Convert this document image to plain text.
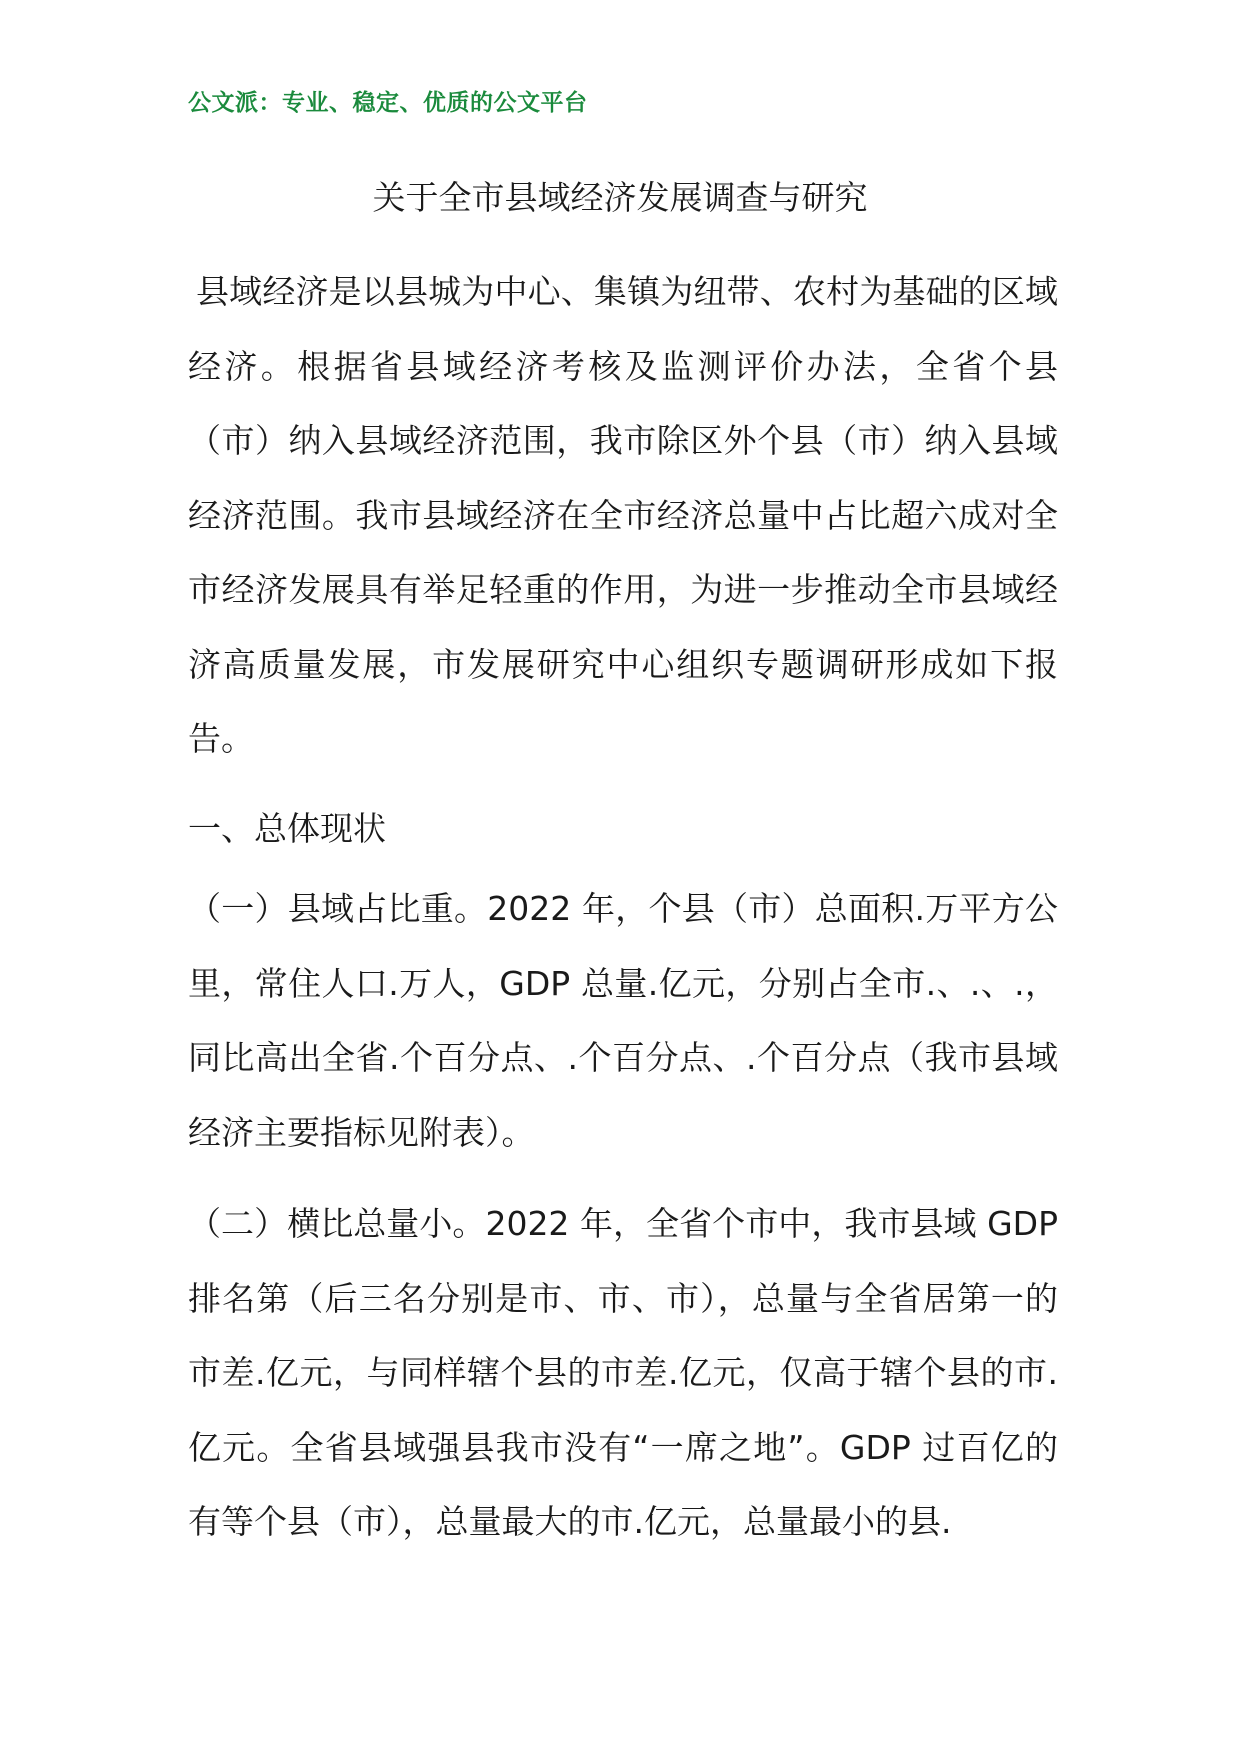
公文派：专业、稳定、优质的公文平台
关于全市县域经济发展调查与研究

县域经济是以县城为中心、集镇为纽带、农村为基础的区域经济。根据省县域经济考核及监测评价办法，全省个县（市）纳入县域经济范围，我市除区外个县（市）纳入县域经济范围。我市县域经济在全市经济总量中占比超六成对全市经济发展具有举足轻重的作用，为进一步推动全市县域经济高质量发展，市发展研究中心组织专题调研形成如下报告。

一、总体现状

（一）县域占比重。2022 年，个县（市）总面积.万平方公里，常住人口.万人，GDP 总量.亿元，分别占全市.、.、.，同比高出全省.个百分点、.个百分点、.个百分点（我市县域经济主要指标见附表）。

（二）横比总量小。2022 年，全省个市中，我市县域 GDP 排名第（后三名分别是市、市、市），总量与全省居第一的市差.亿元，与同样辖个县的市差.亿元，仅高于辖个县的市.亿元。全省县域强县我市没有“一席之地”。GDP 过百亿的有等个县（市），总量最大的市.亿元，总量最小的县.
